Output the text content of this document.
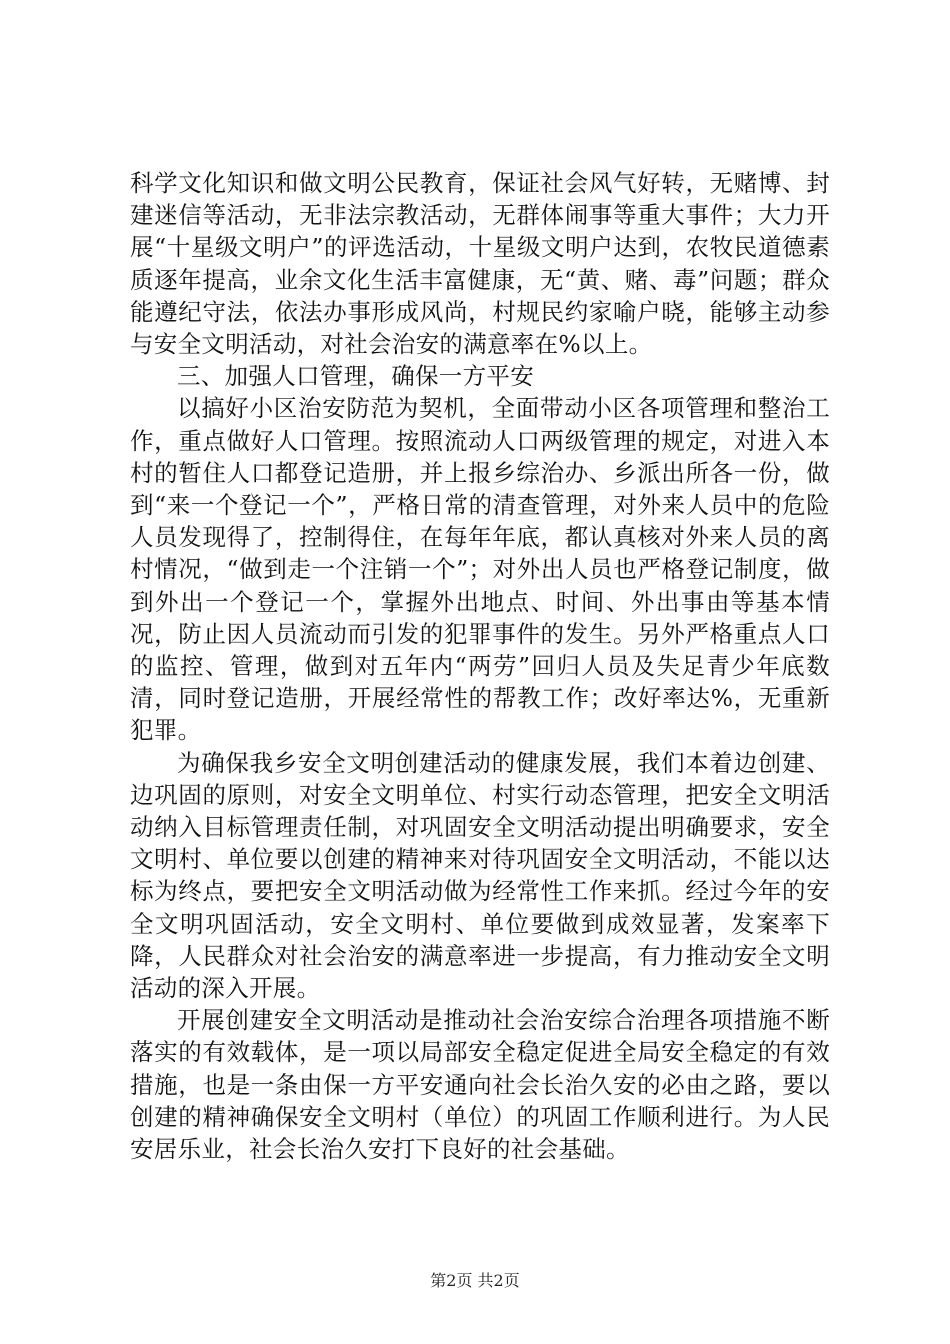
科学文化知识和做文明公民教育，保证社会风气好转，无赌博、封建迷信等活动，无非法宗教活动，无群体闹事等重大事件；大力开展“十星级文明户”的评选活动，十星级文明户达到，农牧民道德素质逐年提高，业余文化生活丰富健康，无“黄、赌、毒”问题；群众能遵纪守法，依法办事形成风尚，村规民约家喻户晓，能够主动参与安全文明活动，对社会治安的满意率在%以上。

三、加强人口管理，确保一方平安

以搞好小区治安防范为契机，全面带动小区各项管理和整治工作，重点做好人口管理。按照流动人口两级管理的规定，对进入本村的暂住人口都登记造册，并上报乡综治办、乡派出所各一份，做到“来一个登记一个”，严格日常的清查管理，对外来人员中的危险人员发现得了，控制得住，在每年年底，都认真核对外来人员的离村情况，“做到走一个注销一个”；对外出人员也严格登记制度，做到外出一个登记一个，掌握外出地点、时间、外出事由等基本情况，防止因人员流动而引发的犯罪事件的发生。另外严格重点人口的监控、管理，做到对五年内“两劳”回归人员及失足青少年底数清，同时登记造册，开展经常性的帮教工作；改好率达%，无重新犯罪。

为确保我乡安全文明创建活动的健康发展，我们本着边创建、边巩固的原则，对安全文明单位、村实行动态管理，把安全文明活动纳入目标管理责任制，对巩固安全文明活动提出明确要求，安全文明村、单位要以创建的精神来对待巩固安全文明活动，不能以达标为终点，要把安全文明活动做为经常性工作来抓。经过今年的安全文明巩固活动，安全文明村、单位要做到成效显著，发案率下降，人民群众对社会治安的满意率进一步提高，有力推动安全文明活动的深入开展。

开展创建安全文明活动是推动社会治安综合治理各项措施不断落实的有效载体，是一项以局部安全稳定促进全局安全稳定的有效措施，也是一条由保一方平安通向社会长治久安的必由之路，要以创建的精神确保安全文明村（单位）的巩固工作顺利进行。为人民安居乐业，社会长治久安打下良好的社会基础。

第2页 共2页
